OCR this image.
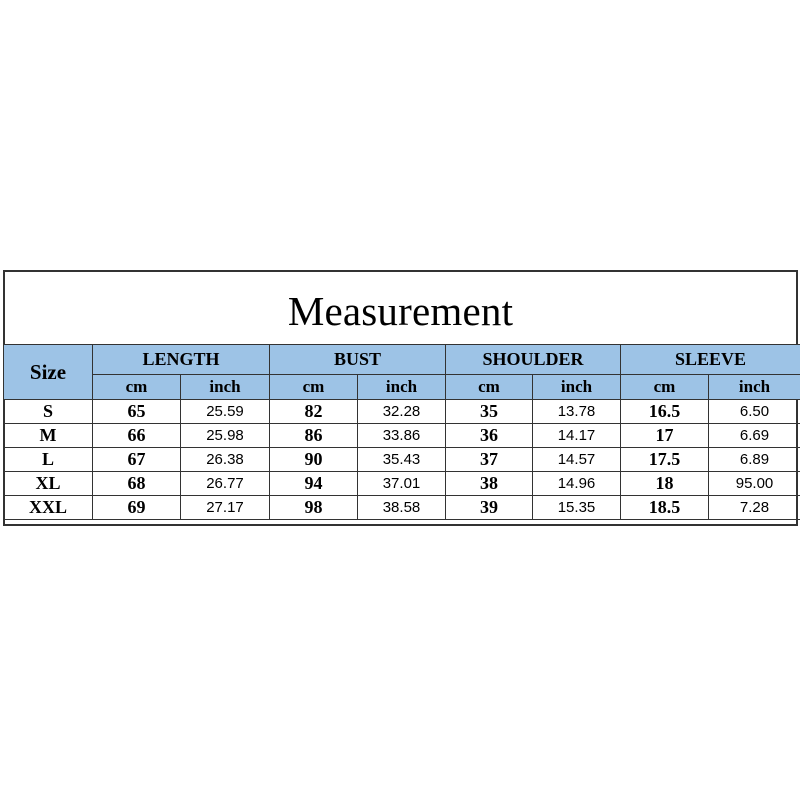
Measurement
Size	LENGTH		BUST		SHOULDER		SLEEVE	
	cm	inch	cm	inch	cm	inch	cm	inch
S	65	25.59	82	32.28	35	13.78	16.5	6.50
M	66	25.98	86	33.86	36	14.17	17	6.69
L	67	26.38	90	35.43	37	14.57	17.5	6.89
XL	68	26.77	94	37.01	38	14.96	18	95.00
XXL	69	27.17	98	38.58	39	15.35	18.5	7.28
